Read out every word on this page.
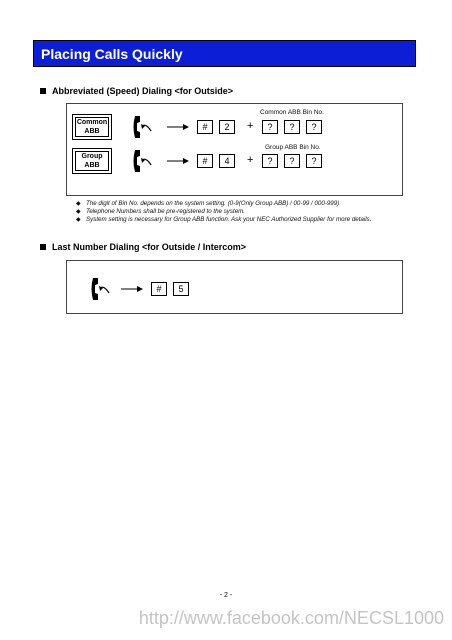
Placing Calls Quickly
Abbreviated (Speed) Dialing <for Outside>
Common
ABB	#	2	+
Common ABB Bin No.
?	?	?
Group
ABB	#	4	+
Group ABB Bin No.
?	?	?
◆ The digit of Bin No. depends on the system setting. (0-9(Only Group ABB) / 00-99 / 000-999)
◆ Telephone Numbers shall be pre-registered to the system.
◆ System setting is necessary for Group ABB function. Ask your NEC Authorized Supplier for more details.
Last Number Dialing <for Outside / Intercom>
#	5
- 2 -
http://www.facebook.com/NECSL1000
